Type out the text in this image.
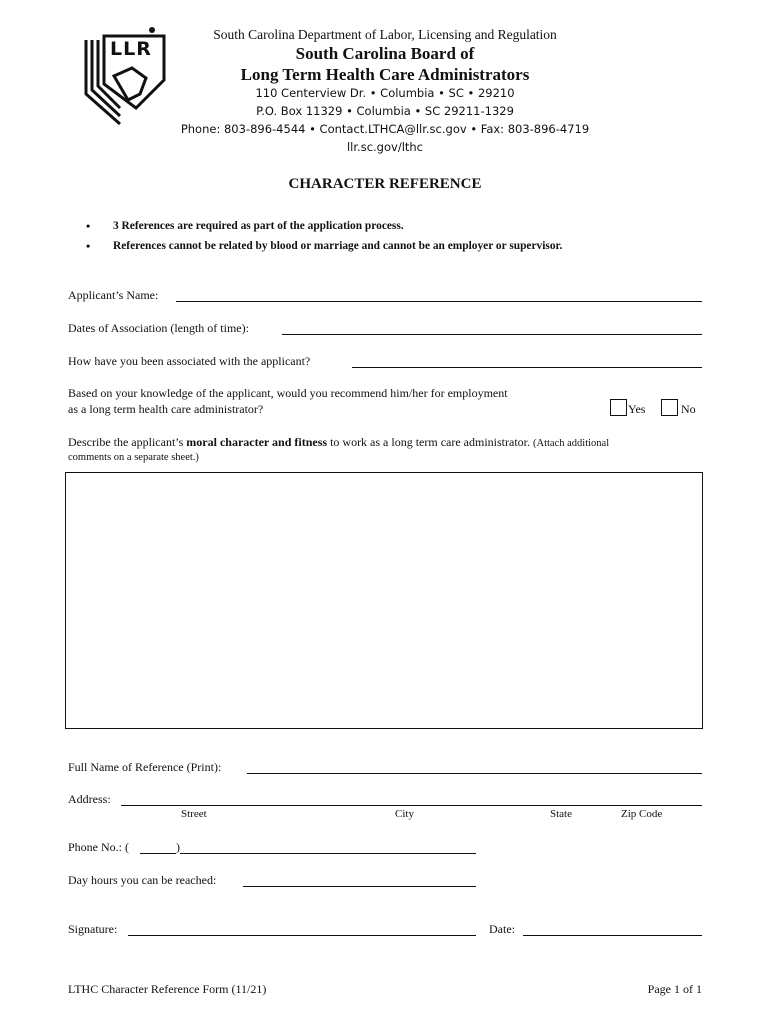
LLR
South Carolina Department of Labor, Licensing and Regulation
South Carolina Board of
Long Term Health Care Administrators
110 Centerview Dr. • Columbia • SC • 29210
P.O. Box 11329 • Columbia • SC 29211-1329
Phone: 803-896-4544 • Contact.LTHCA@llr.sc.gov • Fax: 803-896-4719
llr.sc.gov/lthc
CHARACTER REFERENCE
• 3 References are required as part of the application process.
• References cannot be related by blood or marriage and cannot be an employer or supervisor.
Applicant’s Name:
Dates of Association (length of time):
How have you been associated with the applicant?
Based on your knowledge of the applicant, would you recommend him/her for employment
as a long term health care administrator?	Yes	No
Describe the applicant’s moral character and fitness to work as a long term care administrator. (Attach additional
comments on a separate sheet.)
Full Name of Reference (Print):
Address:
Street	City	State	Zip Code
Phone No.: (	)
Day hours you can be reached:
Signature:	Date:
LTHC Character Reference Form (11/21)	Page 1 of 1
